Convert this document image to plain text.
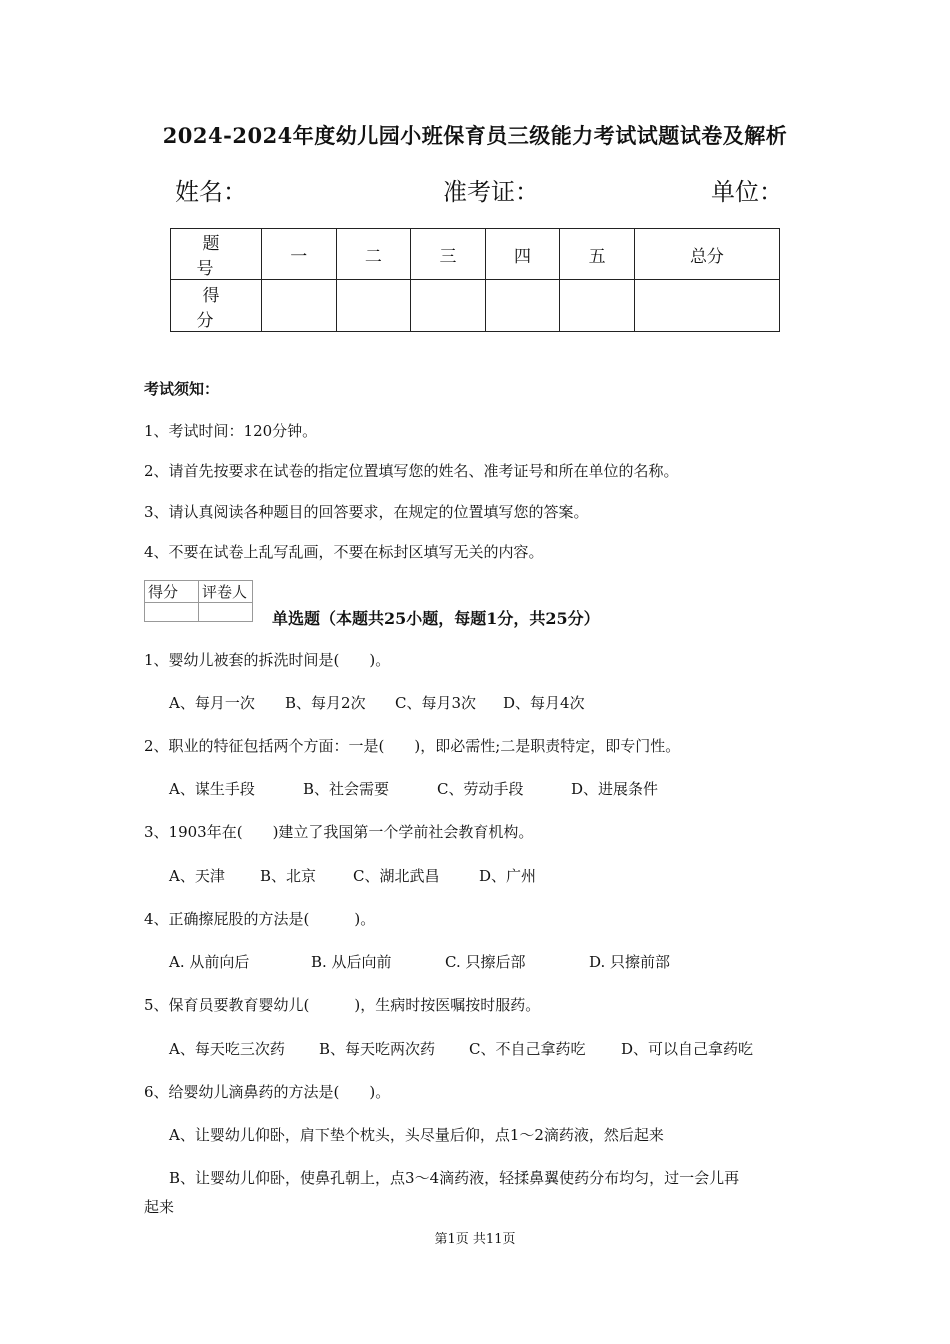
2024-2024年度幼儿园小班保育员三级能力考试试题试卷及解析
姓名：	准考证：	单位：
题　号	一	二	三	四	五	总分
得　分						
考试须知：
1、考试时间：120分钟。
2、请首先按要求在试卷的指定位置填写您的姓名、准考证号和所在单位的名称。
3、请认真阅读各种题目的回答要求，在规定的位置填写您的答案。
4、不要在试卷上乱写乱画，不要在标封区填写无关的内容。
得分	评卷人

单选题（本题共25小题，每题1分，共25分）
1、婴幼儿被套的拆洗时间是(　　)。
A、每月一次 B、每月2次 C、每月3次 D、每月4次
2、职业的特征包括两个方面：一是(　　)，即必需性;二是职责特定，即专门性。
A、谋生手段	B、社会需要	C、劳动手段	D、进展条件
3、1903年在(　　)建立了我国第一个学前社会教育机构。
A、天津 B、北京 C、湖北武昌	D、广州
4、正确擦屁股的方法是(　　　)。
A. 从前向后	B. 从后向前	C. 只擦后部	D. 只擦前部
5、保育员要教育婴幼儿(　　　)，生病时按医嘱按时服药。
A、每天吃三次药 B、每天吃两次药 C、不自己拿药吃 D、可以自己拿药吃
6、给婴幼儿滴鼻药的方法是(　　)。
A、让婴幼儿仰卧，肩下垫个枕头，头尽量后仰，点1～2滴药液，然后起来
B、让婴幼儿仰卧，使鼻孔朝上，点3～4滴药液，轻揉鼻翼使药分布均匀，过一会儿再
起来
第1页 共11页
